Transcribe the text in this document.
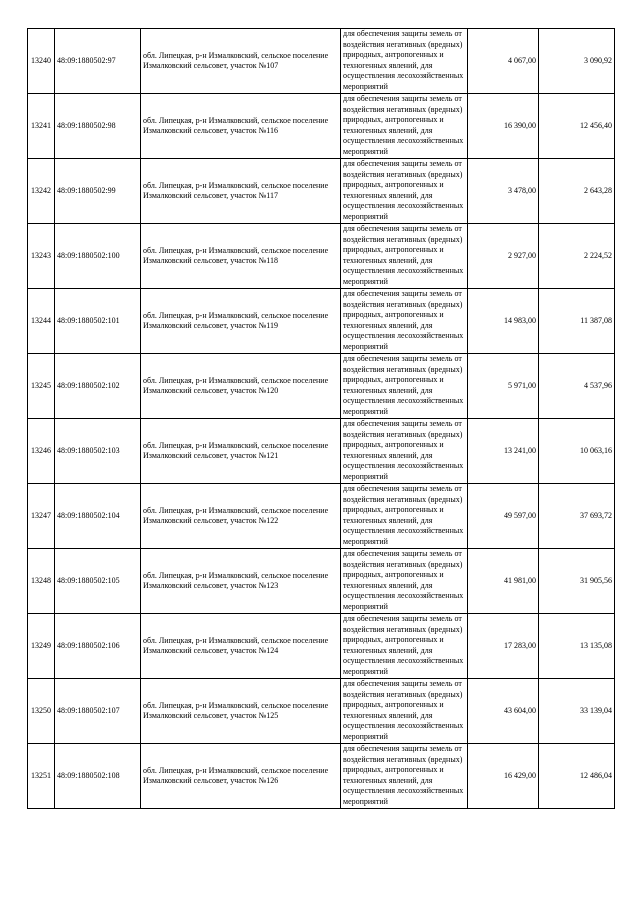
13240	48:09:1880502:97	обл. Липецкая, р-н Измалковский, сельское поселение Измалковский сельсовет, участок №107	для обеспечения защиты земель от воздействия негативных (вредных) природных, антропогенных и техногенных явлений, для осуществления лесохозяйственных мероприятий	4 067,00	3 090,92
13241	48:09:1880502:98	обл. Липецкая, р-н Измалковский, сельское поселение Измалковский сельсовет, участок №116	для обеспечения защиты земель от воздействия негативных (вредных) природных, антропогенных и техногенных явлений, для осуществления лесохозяйственных мероприятий	16 390,00	12 456,40
13242	48:09:1880502:99	обл. Липецкая, р-н Измалковский, сельское поселение Измалковский сельсовет, участок №117	для обеспечения защиты земель от воздействия негативных (вредных) природных, антропогенных и техногенных явлений, для осуществления лесохозяйственных мероприятий	3 478,00	2 643,28
13243	48:09:1880502:100	обл. Липецкая, р-н Измалковский, сельское поселение Измалковский сельсовет, участок №118	для обеспечения защиты земель от воздействия негативных (вредных) природных, антропогенных и техногенных явлений, для осуществления лесохозяйственных мероприятий	2 927,00	2 224,52
13244	48:09:1880502:101	обл. Липецкая, р-н Измалковский, сельское поселение Измалковский сельсовет, участок №119	для обеспечения защиты земель от воздействия негативных (вредных) природных, антропогенных и техногенных явлений, для осуществления лесохозяйственных мероприятий	14 983,00	11 387,08
13245	48:09:1880502:102	обл. Липецкая, р-н Измалковский, сельское поселение Измалковский сельсовет, участок №120	для обеспечения защиты земель от воздействия негативных (вредных) природных, антропогенных и техногенных явлений, для осуществления лесохозяйственных мероприятий	5 971,00	4 537,96
13246	48:09:1880502:103	обл. Липецкая, р-н Измалковский, сельское поселение Измалковский сельсовет, участок №121	для обеспечения защиты земель от воздействия негативных (вредных) природных, антропогенных и техногенных явлений, для осуществления лесохозяйственных мероприятий	13 241,00	10 063,16
13247	48:09:1880502:104	обл. Липецкая, р-н Измалковский, сельское поселение Измалковский сельсовет, участок №122	для обеспечения защиты земель от воздействия негативных (вредных) природных, антропогенных и техногенных явлений, для осуществления лесохозяйственных мероприятий	49 597,00	37 693,72
13248	48:09:1880502:105	обл. Липецкая, р-н Измалковский, сельское поселение Измалковский сельсовет, участок №123	для обеспечения защиты земель от воздействия негативных (вредных) природных, антропогенных и техногенных явлений, для осуществления лесохозяйственных мероприятий	41 981,00	31 905,56
13249	48:09:1880502:106	обл. Липецкая, р-н Измалковский, сельское поселение Измалковский сельсовет, участок №124	для обеспечения защиты земель от воздействия негативных (вредных) природных, антропогенных и техногенных явлений, для осуществления лесохозяйственных мероприятий	17 283,00	13 135,08
13250	48:09:1880502:107	обл. Липецкая, р-н Измалковский, сельское поселение Измалковский сельсовет, участок №125	для обеспечения защиты земель от воздействия негативных (вредных) природных, антропогенных и техногенных явлений, для осуществления лесохозяйственных мероприятий	43 604,00	33 139,04
13251	48:09:1880502:108	обл. Липецкая, р-н Измалковский, сельское поселение Измалковский сельсовет, участок №126	для обеспечения защиты земель от воздействия негативных (вредных) природных, антропогенных и техногенных явлений, для осуществления лесохозяйственных мероприятий	16 429,00	12 486,04
